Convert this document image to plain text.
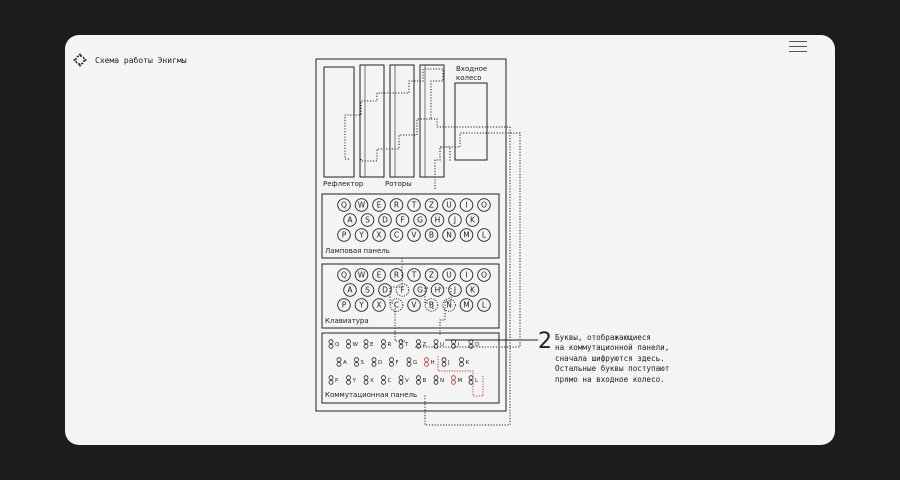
Схема работы Энигмы
Входное
колесо
Рефлектор	Роторы
Ламповая панель
Q W E R T Z U I O
A S D F G H J K
P Y X C V B N M L
Клавиатура
Q W E R T Z U I O
A S D F G H J K
P Y X C V B N M L
Коммутационная панель
Q W E	R T	Z U I	O
A S	D F	G H J	K
P	Y	X C V B N M L
2 Буквы, отображающиеся
на коммутационной панели,
сначала шифруются здесь.
Остальные буквы поступают
прямо на входное колесо.
